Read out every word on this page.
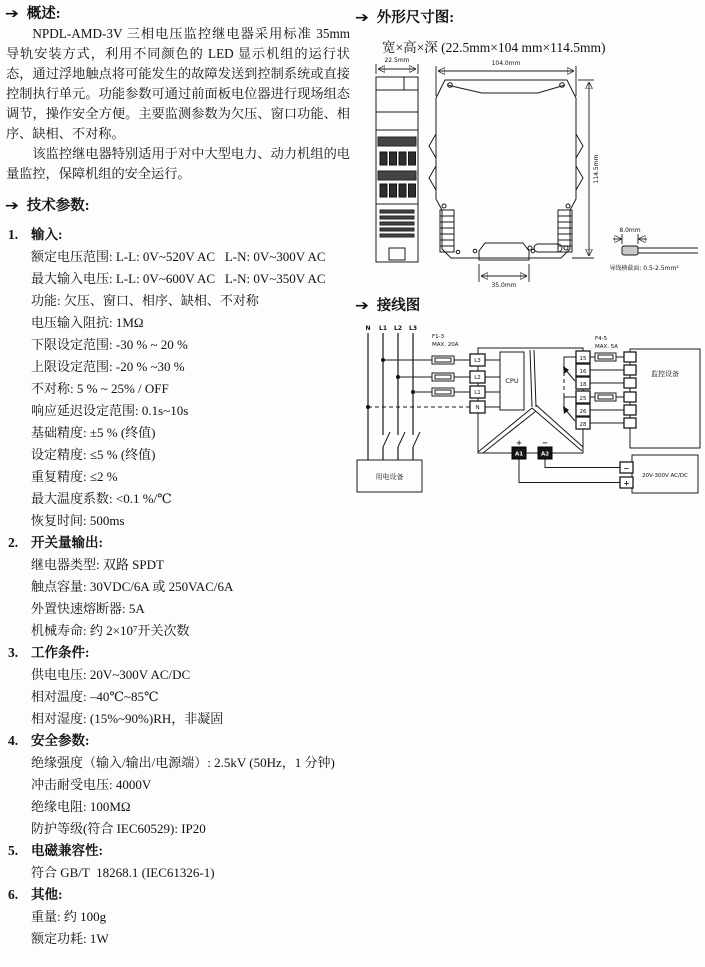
➔ 概述:

NPDL-AMD-3V 三相电压监控继电器采用标准 35mm 导轨安装方式，利用不同颜色的 LED 显示机组的运行状态，通过浮地触点将可能发生的故障发送到控制系统或直接控制执行单元。功能参数可通过前面板电位器进行现场组态调节，操作安全方便。主要监测参数为欠压、窗口功能、相序、缺相、不对称。

该监控继电器特别适用于对中大型电力、动力机组的电量监控，保障机组的安全运行。

➔ 技术参数:
1. 输入:
额定电压范围: L-L: 0V~520V AC   L-N: 0V~300V AC
最大输入电压: L-L: 0V~600V AC   L-N: 0V~350V AC
功能: 欠压、窗口、相序、缺相、不对称
电压输入阻抗: 1MΩ
下限设定范围: -30 % ~ 20 %
上限设定范围: -20 % ~30 %
不对称: 5 % ~ 25% / OFF
响应延迟设定范围: 0.1s~10s
基础精度: ±5 % (终值)
设定精度: ≤5 % (终值)
重复精度: ≤2 %
最大温度系数: <0.1 %/℃
恢复时间: 500ms
2. 开关量输出:
继电器类型: 双路 SPDT
触点容量: 30VDC/6A 或 250VAC/6A
外置快速熔断器: 5A
机械寿命: 约 2×10⁷开关次数
3. 工作条件:
供电电压: 20V~300V AC/DC
相对温度: –40℃~85℃
相对湿度: (15%~90%)RH，非凝固
4. 安全参数:
绝缘强度（输入/输出/电源端）: 2.5kV (50Hz，1 分钟)
冲击耐受电压: 4000V
绝缘电阻: 100MΩ
防护等级(符合 IEC60529): IP20
5. 电磁兼容性:
符合 GB/T  18268.1 (IEC61326-1)
6. 其他:
重量: 约 100g
额定功耗: 1W
➔ 外形尺寸图:
宽×高×深 (22.5mm×104 mm×114.5mm)
22.5mm	104.0mm
114.5mm
35.0mm
8.0mm
导线横截面: 0.5-2.5mm²
➔ 接线图
N L1 L2 L3
F1-3
MAX. 20A
L3
L2
L1
N
CPU
15
16
18
25
26
28
F4-5
MAX. 5A
监控设备
+	−
A1	A2
用电设备	20V-300V AC/DC
−
+
